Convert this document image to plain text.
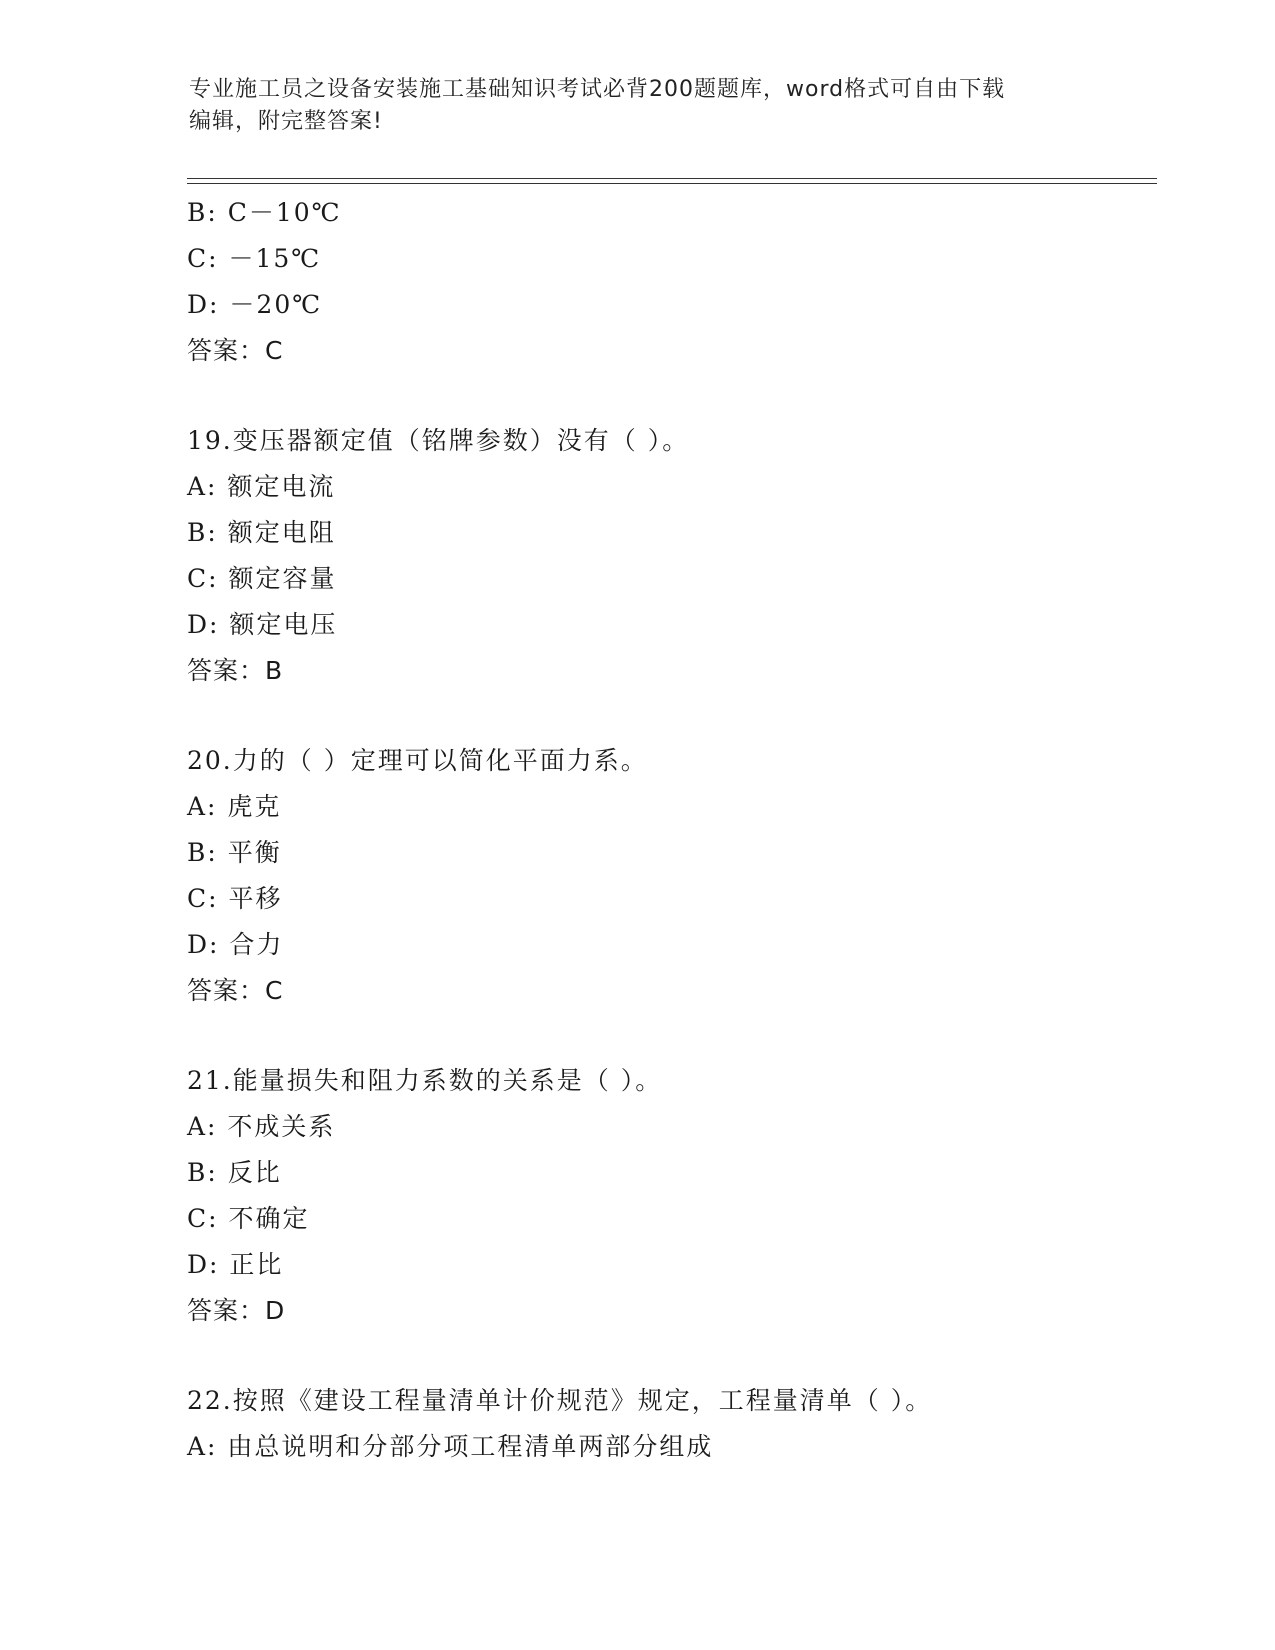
专业施工员之设备安装施工基础知识考试必背200题题库，word格式可自由下载
编辑，附完整答案!
B: C－10℃
C: －15℃
D: －20℃
答案：C
19.变压器额定值（铭牌参数）没有（ ）。
A: 额定电流
B: 额定电阻
C: 额定容量
D: 额定电压
答案：B
20.力的（ ）定理可以简化平面力系。
A: 虎克
B: 平衡
C: 平移
D: 合力
答案：C
21.能量损失和阻力系数的关系是（ ）。
A: 不成关系
B: 反比
C: 不确定
D: 正比
答案：D
22.按照《建设工程量清单计价规范》规定，工程量清单（ ）。
A: 由总说明和分部分项工程清单两部分组成
